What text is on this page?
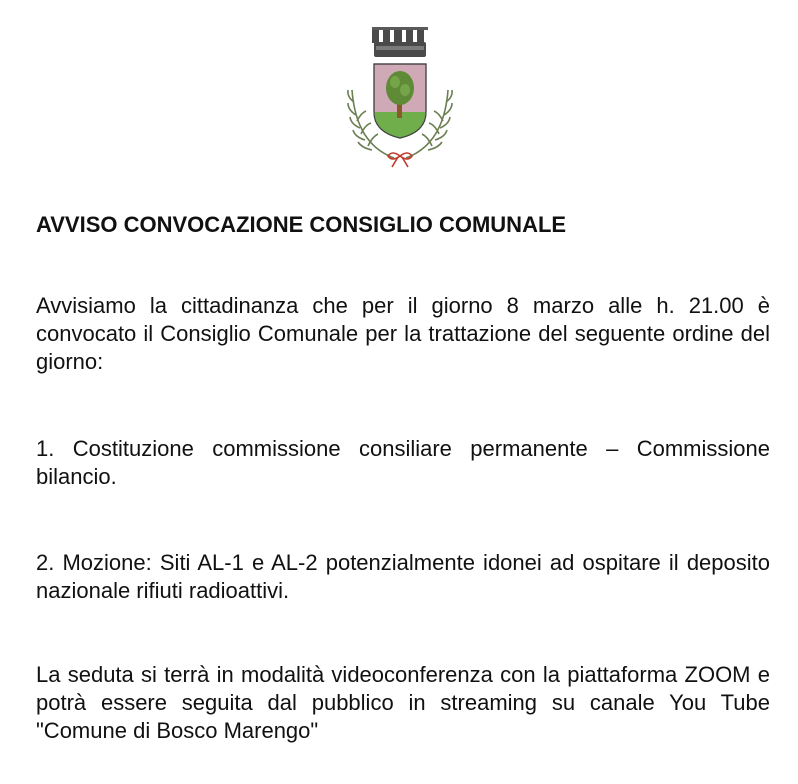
AVVISO CONVOCAZIONE CONSIGLIO COMUNALE

Avvisiamo la cittadinanza che per il giorno 8 marzo alle h. 21.00 è convocato il Consiglio Comunale per la trattazione del seguente ordine del giorno:

1. Costituzione commissione consiliare permanente – Commissione bilancio.

2. Mozione: Siti AL-1 e AL-2 potenzialmente idonei ad ospitare il deposito nazionale rifiuti radioattivi.

La seduta si terrà in modalità videoconferenza con la piattaforma ZOOM e potrà essere seguita dal pubblico in streaming su canale You Tube "Comune di Bosco Marengo"
